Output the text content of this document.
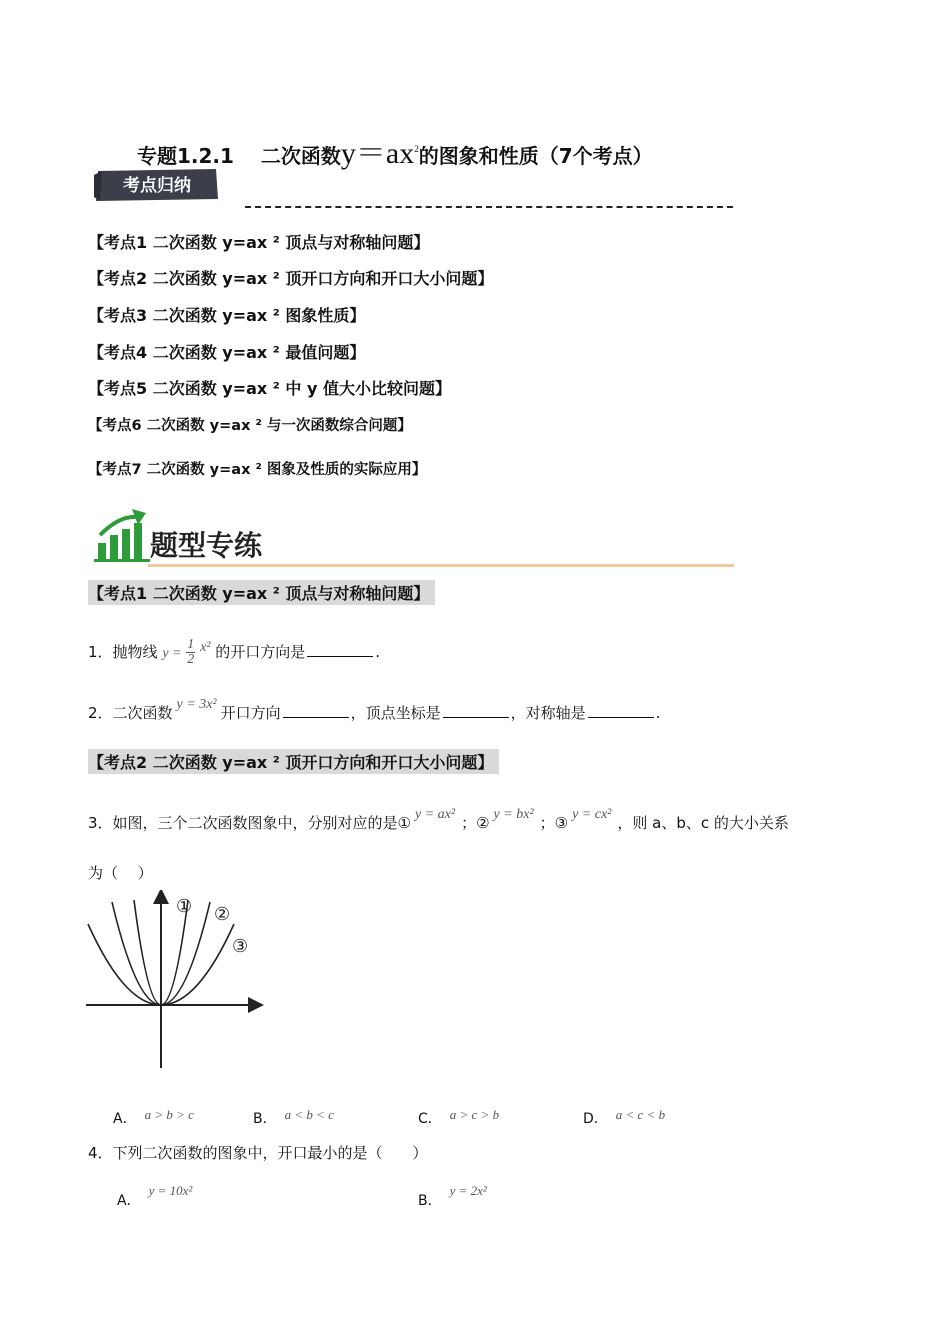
专题1.2.1　 二次函数$y=ax^2$的图象和性质（7个考点）
考点归纳
【考点1 二次函数 y=ax ² 顶点与对称轴问题】
【考点2 二次函数 y=ax ² 顶开口方向和开口大小问题】
【考点3 二次函数 y=ax ² 图象性质】
【考点4 二次函数 y=ax ² 最值问题】
【考点5 二次函数 y=ax ² 中 y 值大小比较问题】
【考点6 二次函数 y=ax ² 与一次函数综合问题】
【考点7 二次函数 y=ax ² 图象及性质的实际应用】
题型专练
【考点1 二次函数 y=ax ² 顶点与对称轴问题】
1．抛物线 $y = \frac{1}{2} x^2$ 的开口方向是	.
2．二次函数 y = 3x² 开口方向	，顶点坐标是	，对称轴是	.
【考点2 二次函数 y=ax ² 顶开口方向和开口大小问题】
3．如图，三个二次函数图象中，分别对应的是① y = ax² ；② y = bx² ；③ y = cx² ，则 a、b、c 的大小关系
为（　 ）
① ②
③
A． a > b > c	B． a < b < c	C． a > c > b	D． a < c < b
4．下列二次函数的图象中，开口最小的是（　　）
A．y = 10x²
B．y = 2x²
